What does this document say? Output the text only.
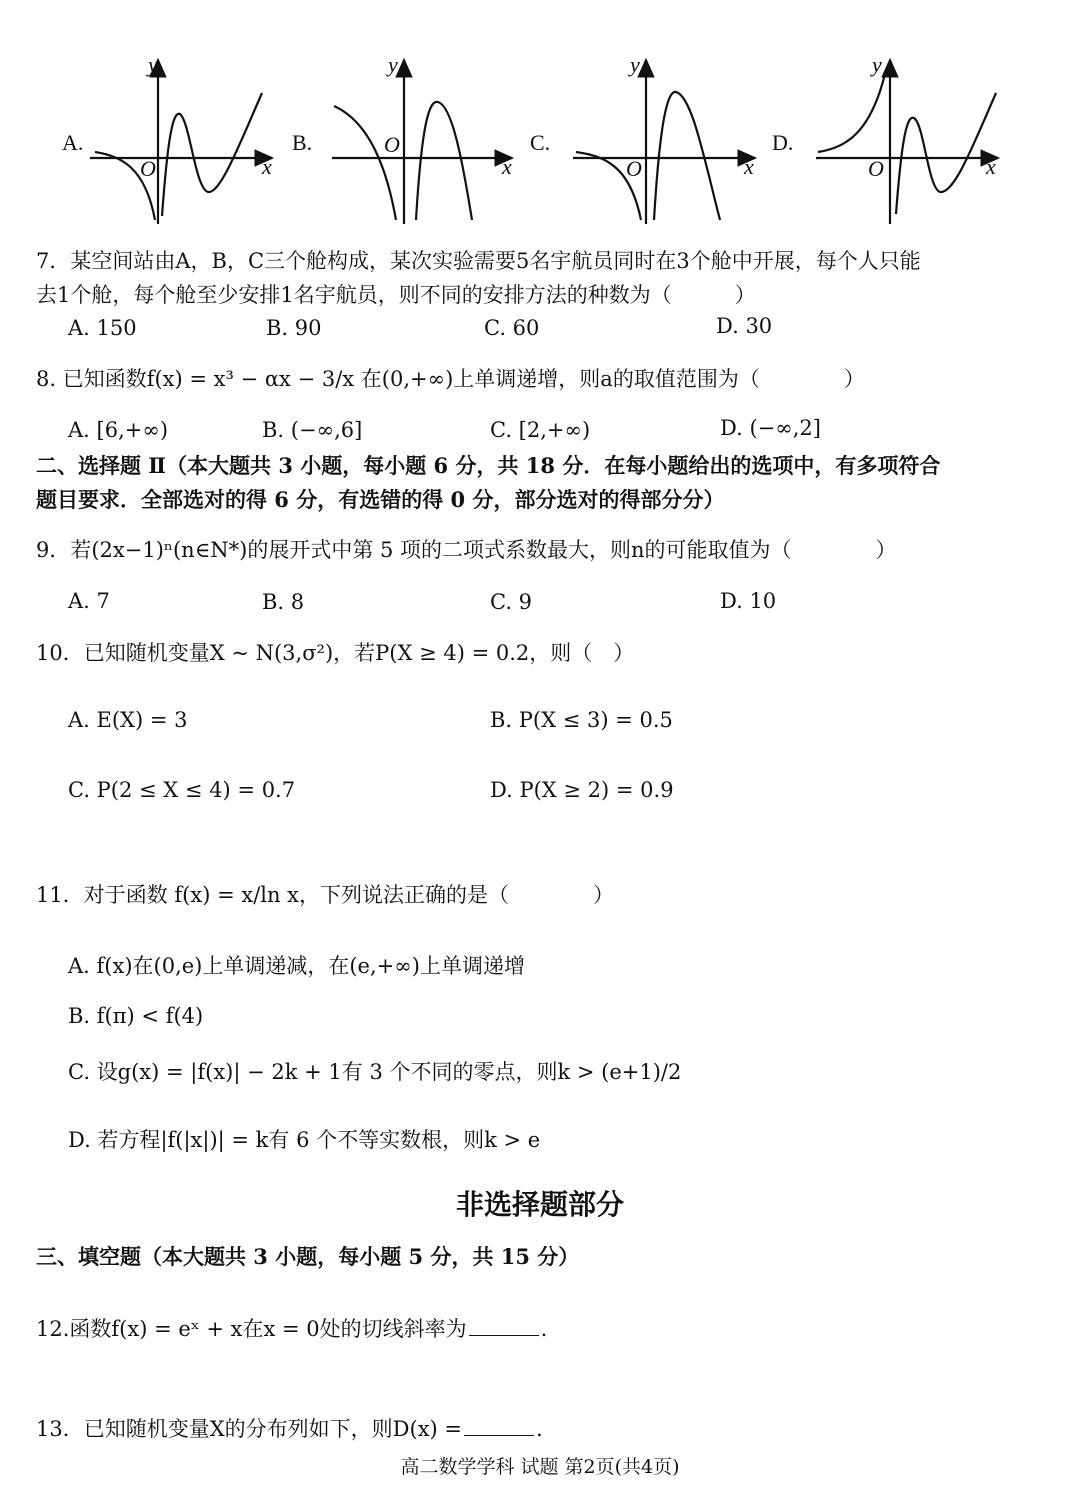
A.	B.	C.	D.
y
O	x
y
O
x
y
O	x
y
O	x
7．某空间站由A，B，C三个舱构成，某次实验需要5名宇航员同时在3个舱中开展，每个人只能
去1个舱，每个舱至少安排1名宇航员，则不同的安排方法的种数为（　　　）
A. 150	B. 90	C. 60	D. 30
8. 已知函数f(x) = x³ − αx − 3/x 在(0,+∞)上单调递增，则a的取值范围为（　　　　）
A. [6,+∞)	B. (−∞,6]	C. [2,+∞)	D. (−∞,2]
二、选择题 Ⅱ（本大题共 3 小题，每小题 6 分，共 18 分．在每小题给出的选项中，有多项符合
题目要求．全部选对的得 6 分，有选错的得 0 分，部分选对的得部分分）
9．若(2x−1)ⁿ(n∈N*)的展开式中第 5 项的二项式系数最大，则n的可能取值为（　　　　）
A. 7	B. 8	C. 9	D. 10
10．已知随机变量X ~ N(3,σ²)，若P(X ≥ 4) = 0.2，则（　）
A. E(X) = 3	B. P(X ≤ 3) = 0.5
C. P(2 ≤ X ≤ 4) = 0.7	D. P(X ≥ 2) = 0.9
11．对于函数 f(x) = x/ln x，下列说法正确的是（　　　　）
A. f(x)在(0,e)上单调递减，在(e,+∞)上单调递增
B. f(π) < f(4)
C. 设g(x) = |f(x)| − 2k + 1有 3 个不同的零点，则k > (e+1)/2
D. 若方程|f(|x|)| = k有 6 个不等实数根，则k > e
非选择题部分
三、填空题（本大题共 3 小题，每小题 5 分，共 15 分）
12.函数f(x) = eˣ + x在x = 0处的切线斜率为	.
13．已知随机变量X的分布列如下，则D(x) =	.
高二数学学科 试题 第2页(共4页)
